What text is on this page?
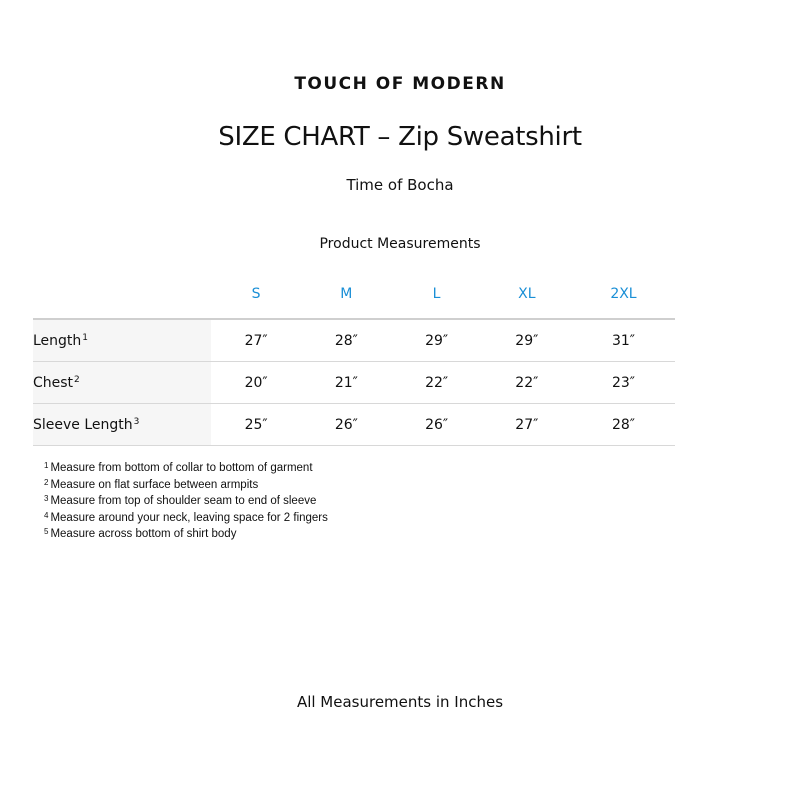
TOUCH OF MODERN
SIZE CHART – Zip Sweatshirt
Time of Bocha
Product Measurements
	S	M	L	XL	2XL
Length$^1$	27″	28″	29″	29″	31″
Chest$^2$	20″	21″	22″	22″	23″
Sleeve Length$^3$	25″	26″	26″	27″	28″
$^1$ Measure from bottom of collar to bottom of garment
$^2$ Measure on flat surface between armpits
$^3$ Measure from top of shoulder seam to end of sleeve
$^4$ Measure around your neck, leaving space for 2 fingers
$^5$ Measure across bottom of shirt body
All Measurements in Inches
